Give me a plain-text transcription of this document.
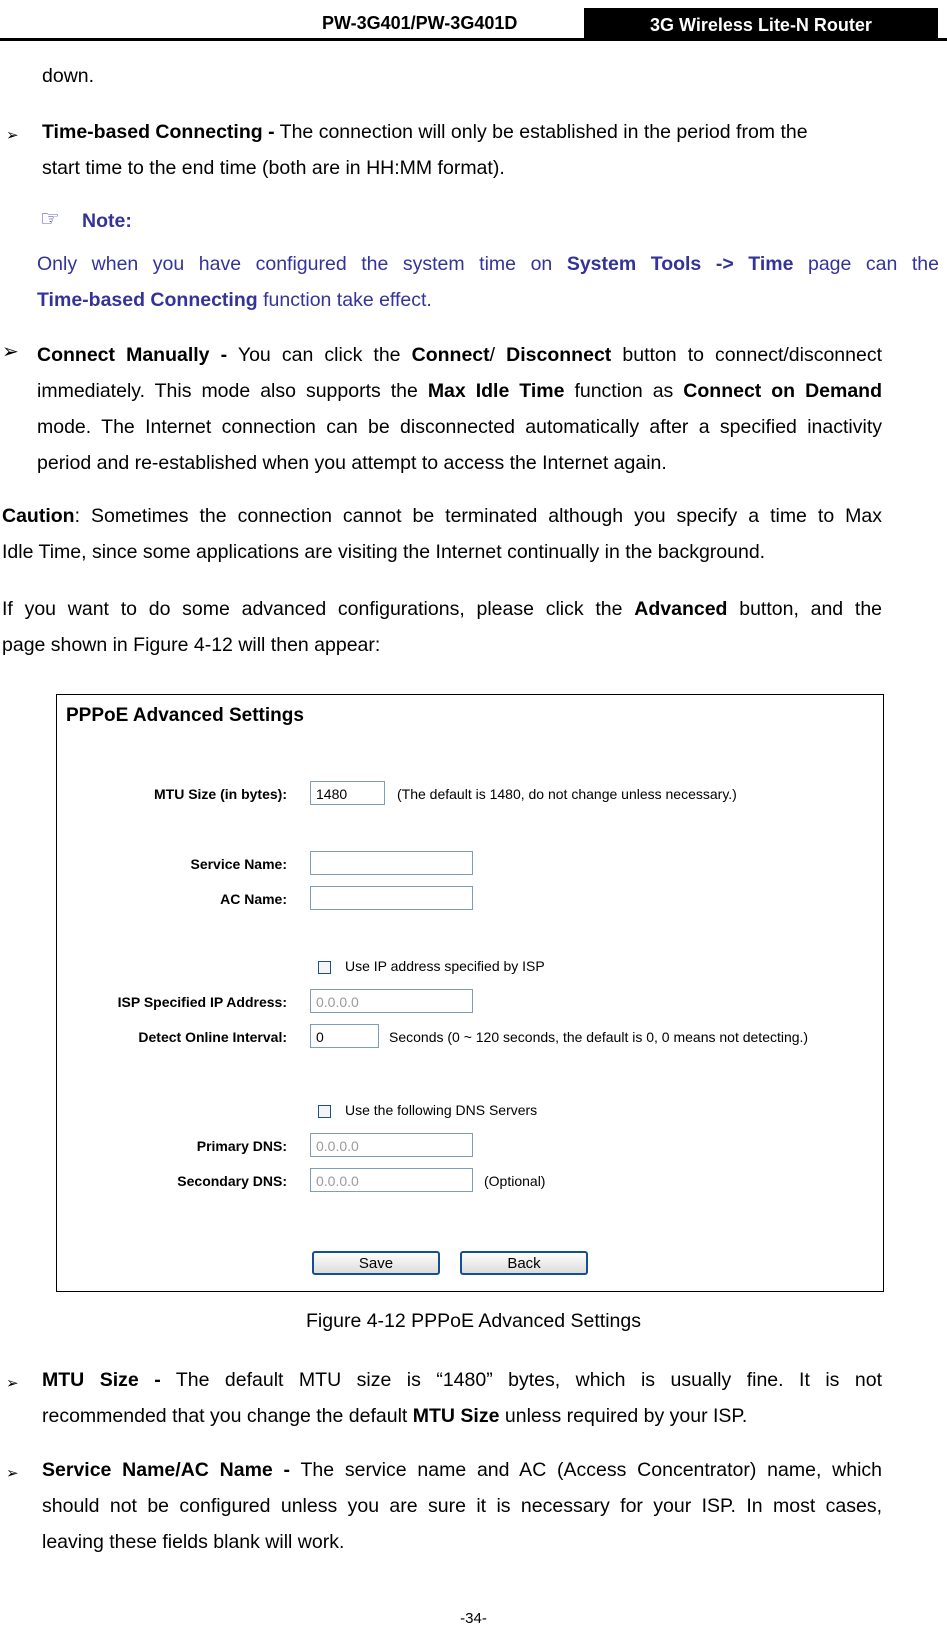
PW-3G401/PW-3G401D	3G Wireless Lite-N Router
down.
➢	Time-based Connecting - The connection will only be established in the period from the
start time to the end time (both are in HH:MM format).
☞ Note:
Only when you have configured the system time on System Tools -> Time page can the
Time-based Connecting function take effect.
➢ Connect Manually - You can click the Connect/ Disconnect button to connect/disconnect
immediately. This mode also supports the Max Idle Time function as Connect on Demand
mode. The Internet connection can be disconnected automatically after a specified inactivity
period and re-established when you attempt to access the Internet again.
Caution: Sometimes the connection cannot be terminated although you specify a time to Max
Idle Time, since some applications are visiting the Internet continually in the background.
If you want to do some advanced configurations, please click the Advanced button, and the
page shown in Figure 4-12 will then appear:
PPPoE Advanced Settings
MTU Size (in bytes):	1480	(The default is 1480, do not change unless necessary.)
Service Name:
AC Name:
Use IP address specified by ISP
ISP Specified IP Address:	0.0.0.0
Detect Online Interval:	0	Seconds (0 ~ 120 seconds, the default is 0, 0 means not detecting.)
Use the following DNS Servers
Primary DNS:	0.0.0.0
Secondary DNS:	0.0.0.0	(Optional)
Save	Back
Figure 4-12 PPPoE Advanced Settings
➢	MTU Size - The default MTU size is “1480” bytes, which is usually fine. It is not
recommended that you change the default MTU Size unless required by your ISP.
➢	Service Name/AC Name - The service name and AC (Access Concentrator) name, which
should not be configured unless you are sure it is necessary for your ISP. In most cases,
leaving these fields blank will work.
-34-
